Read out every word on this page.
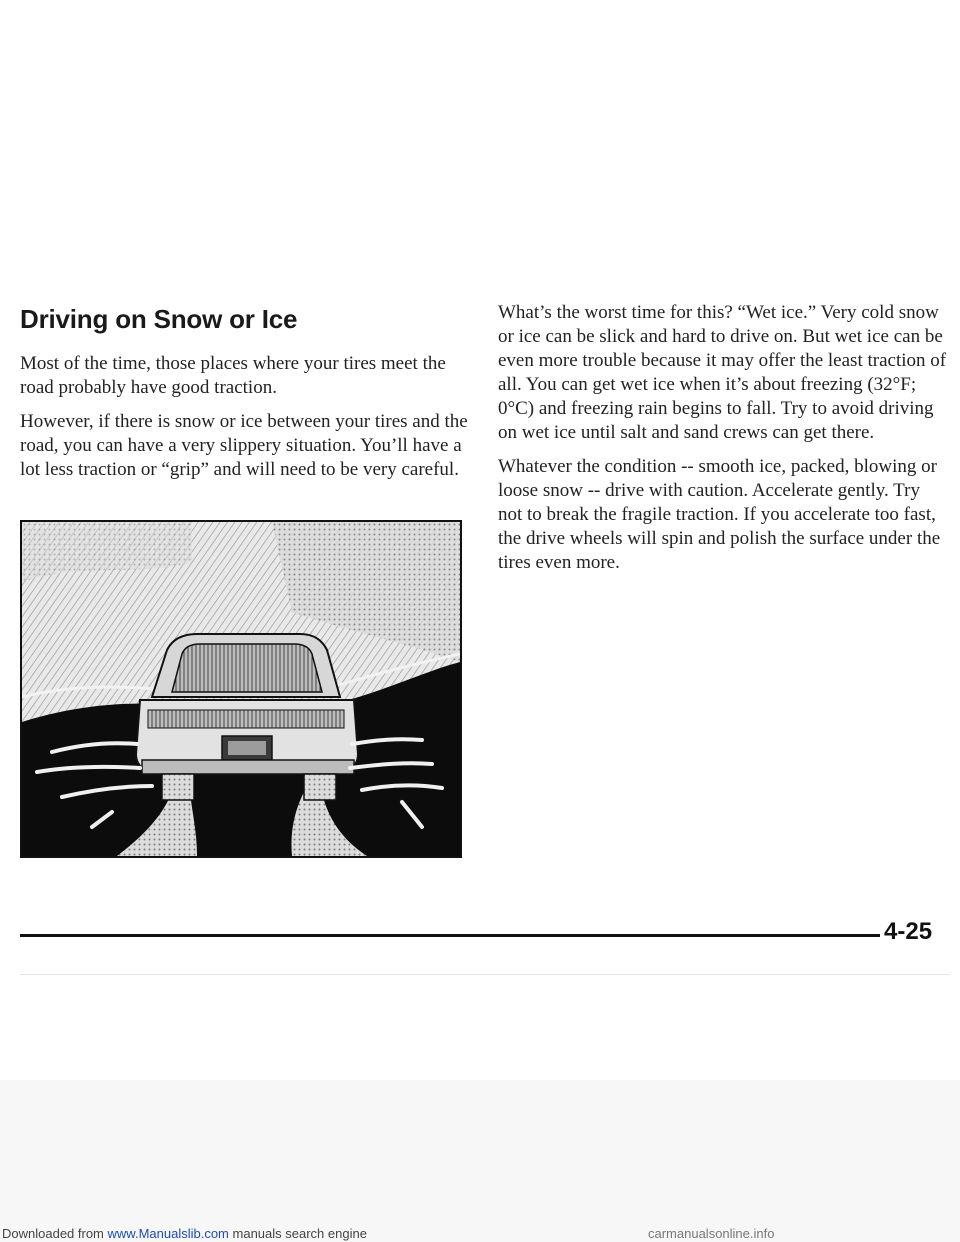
Driving on Snow or Ice

Most of the time, those places where your tires meet the road probably have good traction.

However, if there is snow or ice between your tires and the road, you can have a very slippery situation. You’ll have a lot less traction or “grip” and will need to be very careful.

What’s the worst time for this? “Wet ice.” Very cold snow or ice can be slick and hard to drive on. But wet ice can be even more trouble because it may offer the least traction of all. You can get wet ice when it’s about freezing (32°F; 0°C) and freezing rain begins to fall. Try to avoid driving on wet ice until salt and sand crews can get there.

Whatever the condition -- smooth ice, packed, blowing or loose snow -- drive with caution. Accelerate gently. Try not to break the fragile traction. If you accelerate too fast, the drive wheels will spin and polish the surface under the tires even more.

4-25
Downloaded from www.Manualslib.com manuals search engine	carmanualsonline.info
